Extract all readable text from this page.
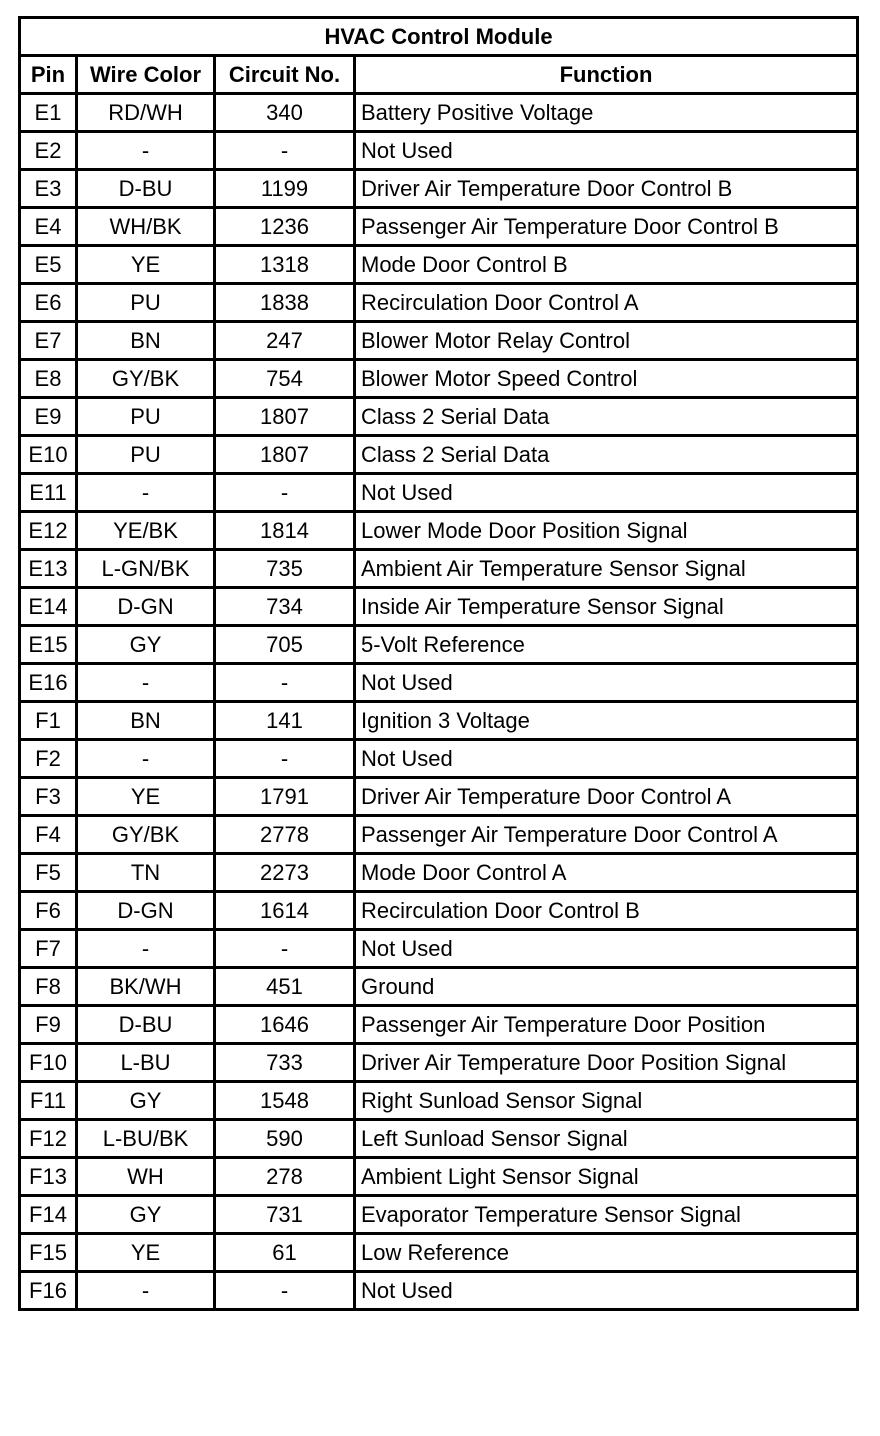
HVAC Control Module			
Pin	Wire Color	Circuit No.	Function
E1	RD/WH	340	Battery Positive Voltage
E2	-	-	Not Used
E3	D-BU	1199	Driver Air Temperature Door Control B
E4	WH/BK	1236	Passenger Air Temperature Door Control B
E5	YE	1318	Mode Door Control B
E6	PU	1838	Recirculation Door Control A
E7	BN	247	Blower Motor Relay Control
E8	GY/BK	754	Blower Motor Speed Control
E9	PU	1807	Class 2 Serial Data
E10	PU	1807	Class 2 Serial Data
E11	-	-	Not Used
E12	YE/BK	1814	Lower Mode Door Position Signal
E13	L-GN/BK	735	Ambient Air Temperature Sensor Signal
E14	D-GN	734	Inside Air Temperature Sensor Signal
E15	GY	705	5-Volt Reference
E16	-	-	Not Used
F1	BN	141	Ignition 3 Voltage
F2	-	-	Not Used
F3	YE	1791	Driver Air Temperature Door Control A
F4	GY/BK	2778	Passenger Air Temperature Door Control A
F5	TN	2273	Mode Door Control A
F6	D-GN	1614	Recirculation Door Control B
F7	-	-	Not Used
F8	BK/WH	451	Ground
F9	D-BU	1646	Passenger Air Temperature Door Position
F10	L-BU	733	Driver Air Temperature Door Position Signal
F11	GY	1548	Right Sunload Sensor Signal
F12	L-BU/BK	590	Left Sunload Sensor Signal
F13	WH	278	Ambient Light Sensor Signal
F14	GY	731	Evaporator Temperature Sensor Signal
F15	YE	61	Low Reference
F16	-	-	Not Used
